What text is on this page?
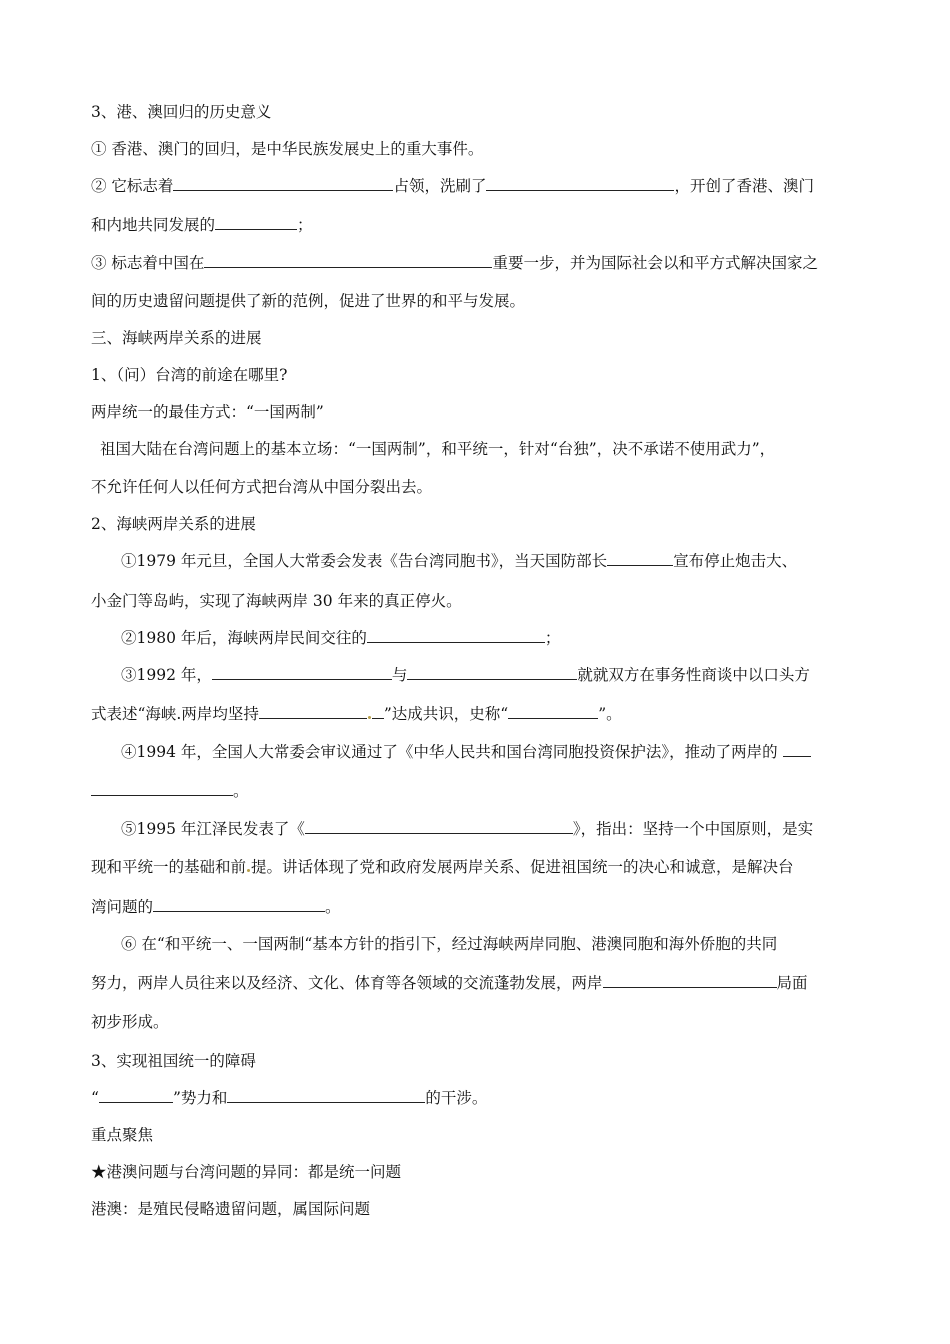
3、港、澳回归的历史意义
① 香港、澳门的回归，是中华民族发展史上的重大事件。
② 它标志着	占领，洗刷了	，开创了香港、澳门
和内地共同发展的	；
③ 标志着中国在	重要一步，并为国际社会以和平方式解决国家之
间的历史遗留问题提供了新的范例，促进了世界的和平与发展。
三、海峡两岸关系的进展
1、（问）台湾的前途在哪里?
两岸统一的最佳方式：“一国两制”
祖国大陆在台湾问题上的基本立场：“一国两制”，和平统一，针对“台独”，决不承诺不使用武力”，
不允许任何人以任何方式把台湾从中国分裂出去。
2、海峡两岸关系的进展
①1979 年元旦，全国人大常委会发表《告台湾同胞书》，当天国防部长	宣布停止炮击大、
小金门等岛屿，实现了海峡两岸 30 年来的真正停火。
②1980 年后，海峡两岸民间交往的	；
③1992 年，	与	就就双方在事务性商谈中以口头方
式表述“海峡.两岸均坚持	”达成共识，史称“	”。
④1994 年，全国人大常委会审议通过了《中华人民共和国台湾同胞投资保护法》，推动了两岸的
。
⑤1995 年江泽民发表了《	》，指出：坚持一个中国原则，是实
现和平统一的基础和前 提。讲话体现了党和政府发展两岸关系、促进祖国统一的决心和诚意，是解决台
湾问题的	。
⑥ 在“和平统一、一国两制“基本方针的指引下，经过海峡两岸同胞、港澳同胞和海外侨胞的共同
努力，两岸人员往来以及经济、文化、体育等各领域的交流蓬勃发展，两岸	局面
初步形成。
3、实现祖国统一的障碍
“	”势力和	的干涉。
重点聚焦
★港澳问题与台湾问题的异同：都是统一问题
港澳：是殖民侵略遗留问题，属国际问题
